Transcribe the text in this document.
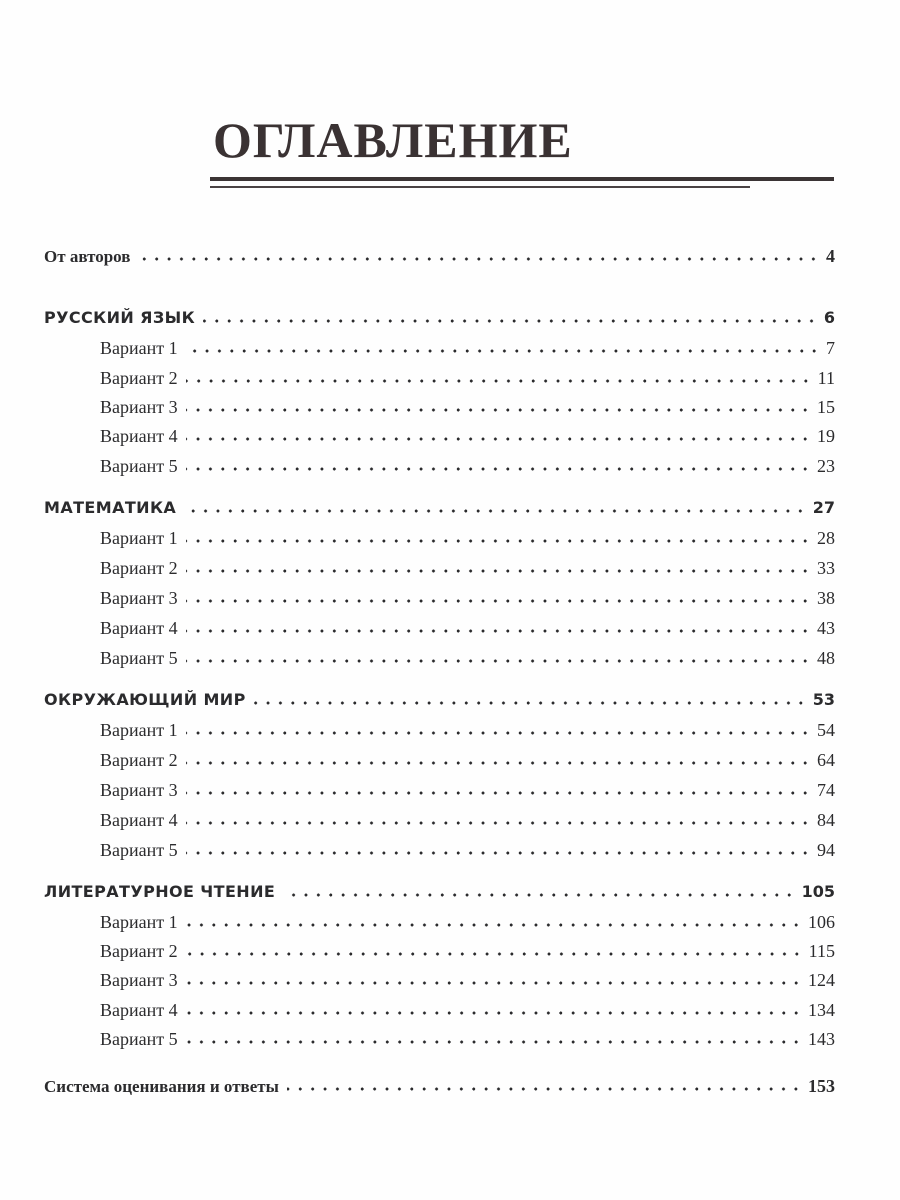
ОГЛАВЛЕНИЕ
От авторов	4
РУССКИЙ ЯЗЫК	6
Вариант 1	7
Вариант 2	11
Вариант 3	15
Вариант 4	19
Вариант 5	23
МАТЕМАТИКА	27
Вариант 1	28
Вариант 2	33
Вариант 3	38
Вариант 4	43
Вариант 5	48
ОКРУЖАЮЩИЙ МИР	53
Вариант 1	54
Вариант 2	64
Вариант 3	74
Вариант 4	84
Вариант 5	94
ЛИТЕРАТУРНОЕ ЧТЕНИЕ	105
Вариант 1	106
Вариант 2	115
Вариант 3	124
Вариант 4	134
Вариант 5	143
Система оценивания и ответы	153
